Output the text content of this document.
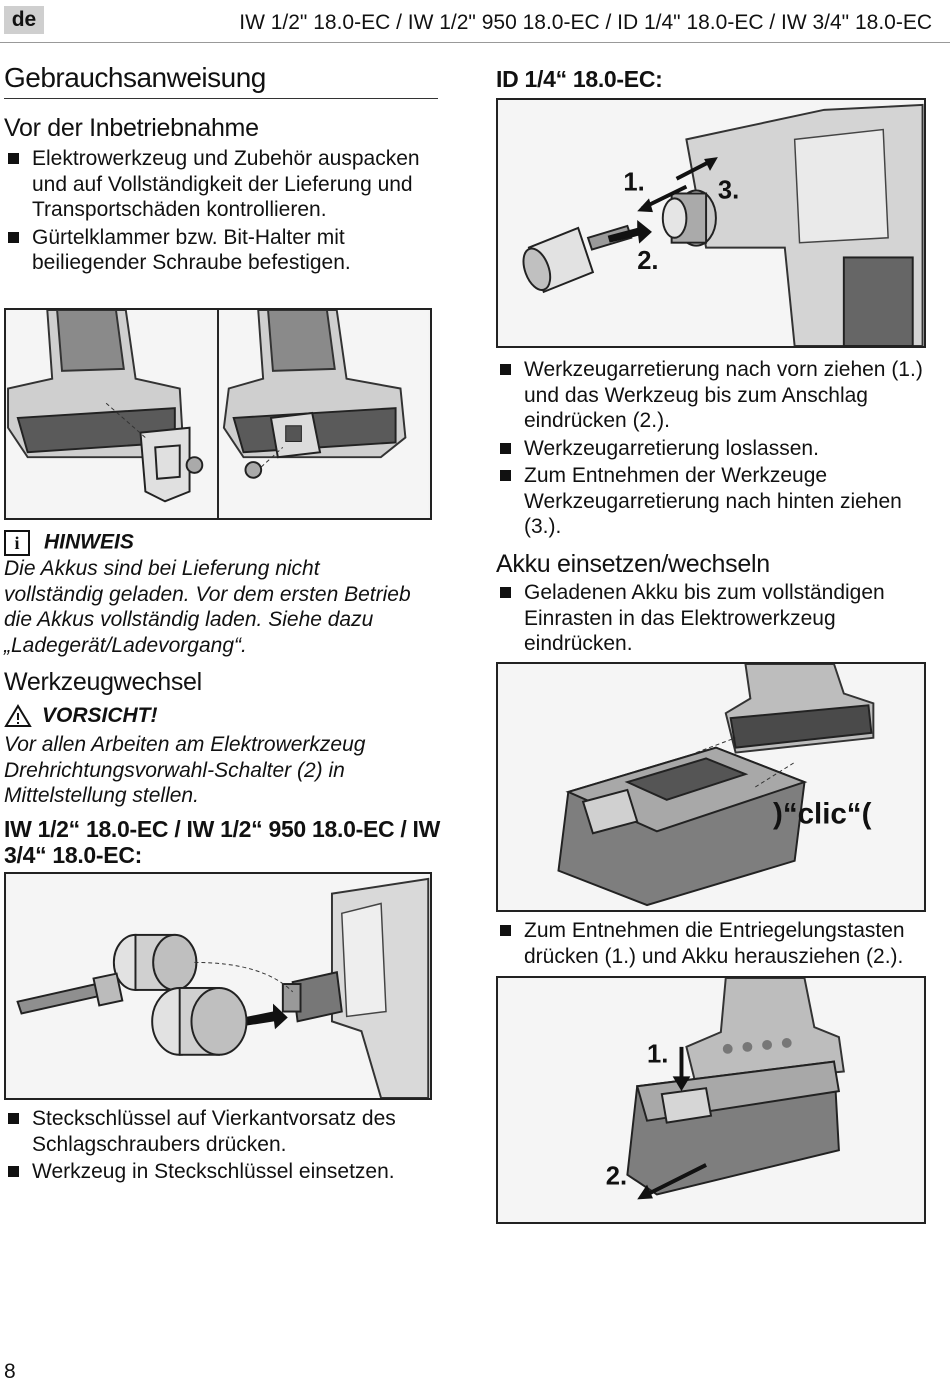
de	IW 1/2" 18.0-EC / IW 1/2" 950 18.0-EC / ID 1/4" 18.0-EC / IW 3/4" 18.0-EC
Gebrauchsanweisung
Vor der Inbetriebnahme
Elektrowerkzeug und Zubehör auspacken und auf Vollständigkeit der Lieferung und Transportschäden kontrollieren.
Gürtelklammer bzw. Bit-Halter mit beiliegender Schraube befestigen.
i HINWEIS
Die Akkus sind bei Lieferung nicht vollständig geladen. Vor dem ersten Betrieb die Akkus vollständig laden. Siehe dazu „Ladegerät/Ladevorgang“.
Werkzeugwechsel
VORSICHT!
Vor allen Arbeiten am Elektrowerkzeug Drehrichtungsvorwahl-Schalter (2) in Mittelstellung stellen.
IW 1/2“ 18.0-EC / IW 1/2“ 950 18.0-EC / IW 3/4“ 18.0-EC:
Steckschlüssel auf Vierkantvorsatz des Schlagschraubers drücken.
Werkzeug in Steckschlüssel einsetzen.
ID 1/4“ 18.0-EC:
1.
2.
3.
Werkzeugarretierung nach vorn ziehen (1.) und das Werkzeug bis zum Anschlag eindrücken (2.).
Werkzeugarretierung loslassen.
Zum Entnehmen der Werkzeuge Werkzeugarretierung nach hinten ziehen (3.).
Akku einsetzen/wechseln
Geladenen Akku bis zum vollständigen Einrasten in das Elektrowerkzeug eindrücken.
)“clic“(
Zum Entnehmen die Entriegelungstasten drücken (1.) und Akku herausziehen (2.).
1.
2.
8
